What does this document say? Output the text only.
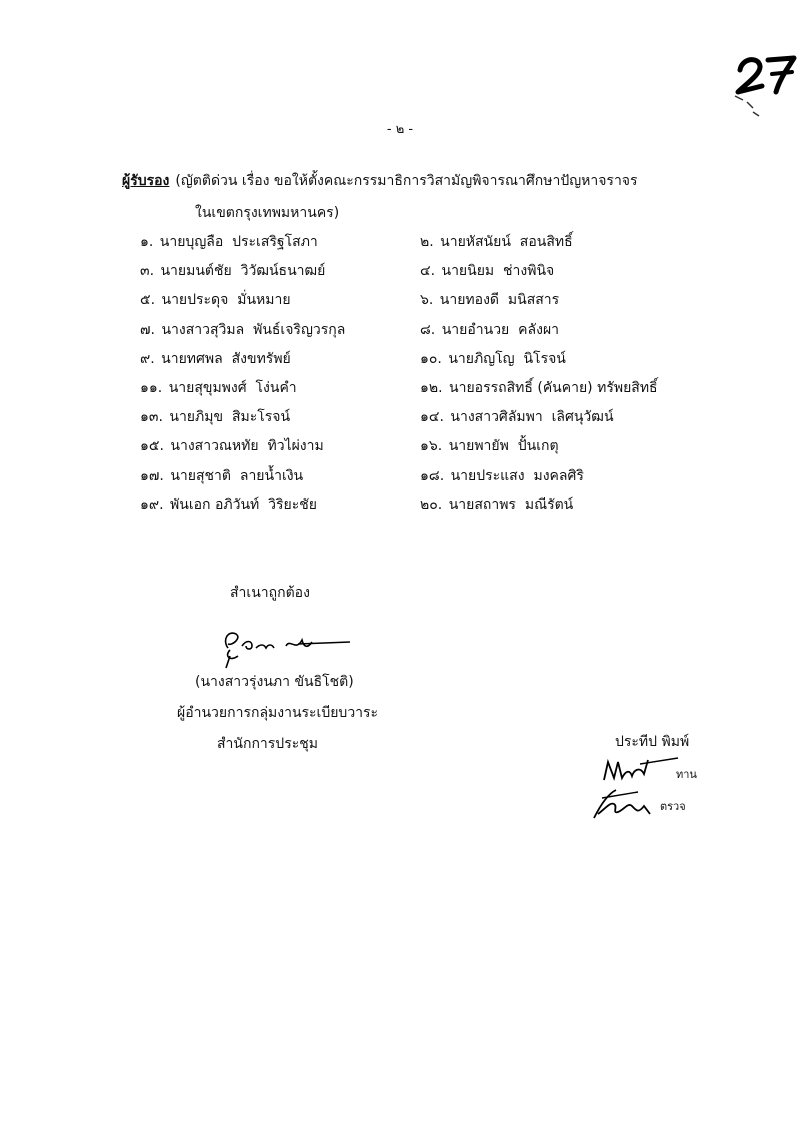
- ๒ -
ผู้รับรอง (ญัตติด่วน เรื่อง ขอให้ตั้งคณะกรรมาธิการวิสามัญพิจารณาศึกษาปัญหาจราจร
ในเขตกรุงเทพมหานคร)
๑. นายบุญลือ  ประเสริฐโสภา	๒. นายหัสนัยน์  สอนสิทธิ์
๓. นายมนต์ชัย  วิวัฒน์ธนาฒย์	๔. นายนิยม  ช่างพินิจ
๕. นายประดุจ  มั่นหมาย	๖. นายทองดี  มนิสสาร
๗. นางสาวสุวิมล  พันธ์เจริญวรกุล	๘. นายอำนวย  คลังผา
๙. นายทศพล  สังขทรัพย์	๑๐. นายภิญโญ  นิโรจน์
๑๑. นายสุขุมพงศ์  โง่นคำ	๑๒. นายอรรถสิทธิ์ (คันคาย) ทรัพยสิทธิ์
๑๓. นายภิมุข  สิมะโรจน์	๑๔. นางสาวศิลัมพา  เลิศนุวัฒน์
๑๕. นางสาวณหทัย  ทิวไผ่งาม	๑๖. นายพายัพ  ปั้นเกตุ
๑๗. นายสุชาติ  ลายน้ำเงิน	๑๘. นายประแสง  มงคลศิริ
๑๙. พันเอก อภิวันท์  วิริยะชัย	๒๐. นายสถาพร  มณีรัตน์
สำเนาถูกต้อง
(นางสาวรุ่งนภา ขันธิโชติ)
ผู้อำนวยการกลุ่มงานระเบียบวาระ
สำนักการประชุม	ประทีป พิมพ์
ทาน
ตรวจ
